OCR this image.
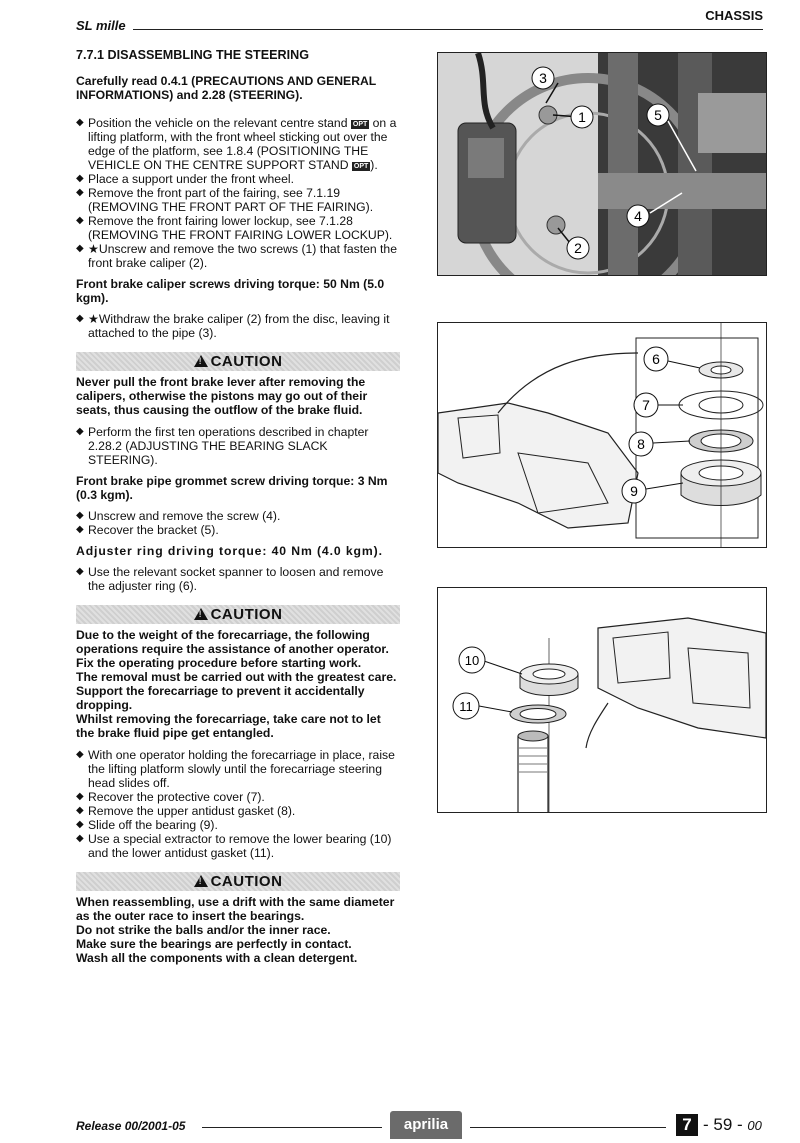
SL mille
CHASSIS

7.7.1 DISASSEMBLING THE STEERING

Carefully read 0.4.1 (PRECAUTIONS AND GENERAL INFORMATIONS) and 2.28 (STEERING).

◆ Position the vehicle on the relevant centre stand OPT on a lifting platform, with the front wheel sticking out over the edge of the platform, see 1.8.4 (POSITIONING THE VEHICLE ON THE CENTRE SUPPORT STAND OPT ).
◆ Place a support under the front wheel.
◆ Remove the front part of the fairing, see 7.1.19 (REMOVING THE FRONT PART OF THE FAIRING).
◆ Remove the front fairing lower lockup, see 7.1.28 (REMOVING THE FRONT FAIRING LOWER LOCKUP).
◆ ★Unscrew and remove the two screws (1) that fasten the front brake caliper (2).

Front brake caliper screws driving torque: 50 Nm (5.0 kgm).

◆ ★Withdraw the brake caliper (2) from the disc, leaving it attached to the pipe (3).
!CAUTION

Never pull the front brake lever after removing the calipers, otherwise the pistons may go out of their seats, thus causing the outflow of the brake fluid.

◆ Perform the first ten operations described in chapter 2.28.2 (ADJUSTING THE BEARING SLACK STEERING).

Front brake pipe grommet screw driving torque: 3 Nm (0.3 kgm).

◆ Unscrew and remove the screw (4).
◆ Recover the bracket (5).

Adjuster ring driving torque: 40 Nm (4.0 kgm).

◆ Use the relevant socket spanner to loosen and remove the adjuster ring (6).
!CAUTION

Due to the weight of the forecarriage, the following operations require the assistance of another operator.

Fix the operating procedure before starting work.

The removal must be carried out with the greatest care.

Support the forecarriage to prevent it accidentally dropping.

Whilst removing the forecarriage, take care not to let the brake fluid pipe get entangled.

◆ With one operator holding the forecarriage in place, raise the lifting platform slowly until the forecarriage steering head slides off.
◆ Recover the protective cover (7).
◆ Remove the upper antidust gasket (8).
◆ Slide off the bearing (9).
◆ Use a special extractor to remove the lower bearing (10) and the lower antidust gasket (11).
!CAUTION

When reassembling, use a drift with the same diameter as the outer race to insert the bearings.

Do not strike the balls and/or the inner race.

Make sure the bearings are perfectly in contact.

Wash all the components with a clean detergent.

3
1
2
5
4
6
7
8
9
10
11
Release 00/2001-05	aprilia	7 - 59 - 00
